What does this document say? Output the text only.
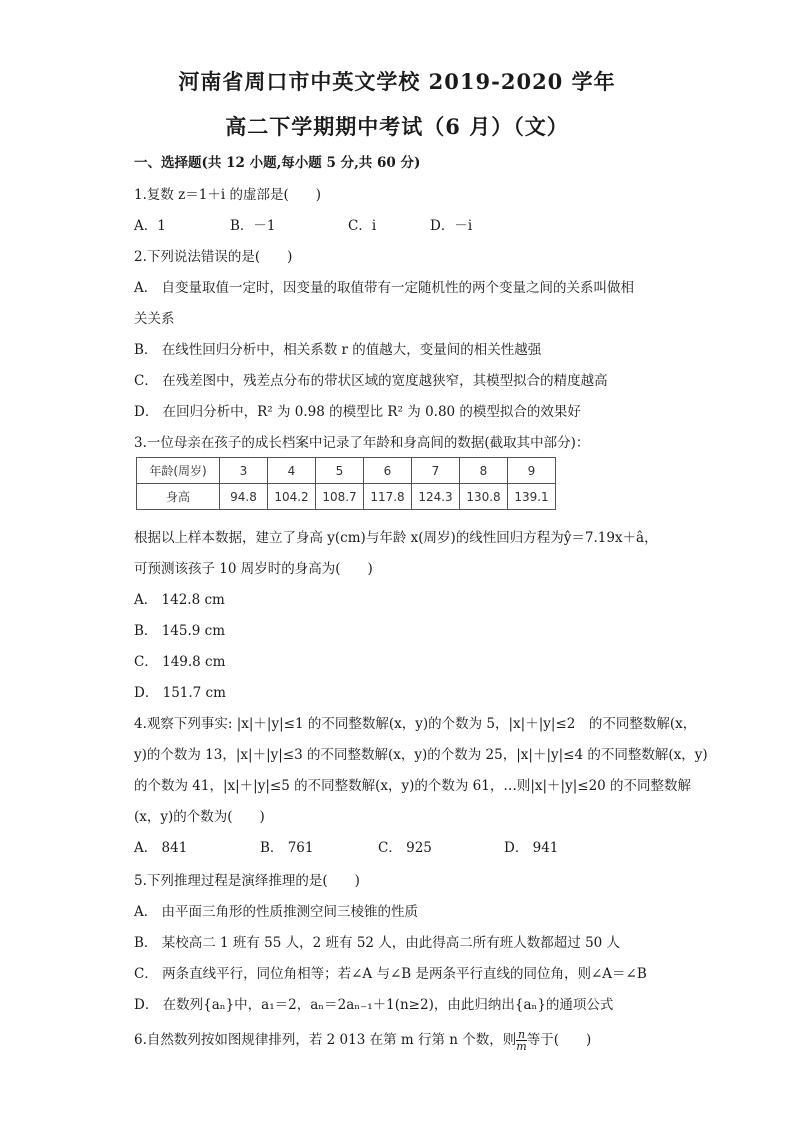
河南省周口市中英文学校 2019-2020 学年
高二下学期期中考试（6 月）（文）
一、选择题(共 12 小题,每小题 5 分,共 60 分)
1.复数 z＝1＋i 的虚部是(　　)
A．1	B．－1	C．i	D．－i
2.下列说法错误的是(　　)
A． 自变量取值一定时，因变量的取值带有一定随机性的两个变量之间的关系叫做相
关关系
B． 在线性回归分析中，相关系数 r 的值越大，变量间的相关性越强
C． 在残差图中，残差点分布的带状区域的宽度越狭窄，其模型拟合的精度越高
D． 在回归分析中，R² 为 0.98 的模型比 R² 为 0.80 的模型拟合的效果好
3.一位母亲在孩子的成长档案中记录了年龄和身高间的数据(截取其中部分)：
年龄(周岁)	3	4	5	6	7	8	9
身高	94.8	104.2	108.7	117.8	124.3	130.8	139.1
根据以上样本数据，建立了身高 y(cm)与年龄 x(周岁)的线性回归方程为ŷ＝7.19x＋â，
可预测该孩子 10 周岁时的身高为(　　)
A． 142.8 cm
B． 145.9 cm
C． 149.8 cm
D． 151.7 cm
4.观察下列事实: |x|＋|y|≤1 的不同整数解(x，y)的个数为 5，|x|＋|y|≤2　的不同整数解(x，
y)的个数为 13，|x|＋|y|≤3 的不同整数解(x，y)的个数为 25，|x|＋|y|≤4 的不同整数解(x，y)
的个数为 41，|x|＋|y|≤5 的不同整数解(x，y)的个数为 61，…则|x|＋|y|≤20 的不同整数解
(x，y)的个数为(　　)
A． 841	B． 761	C． 925	D． 941
5.下列推理过程是演绎推理的是(　　)
A． 由平面三角形的性质推测空间三棱锥的性质
B． 某校高二 1 班有 55 人，2 班有 52 人，由此得高二所有班人数都超过 50 人
C． 两条直线平行，同位角相等；若∠A 与∠B 是两条平行直线的同位角，则∠A＝∠B
D． 在数列{aₙ}中，a₁＝2，aₙ＝2aₙ₋₁＋1(n≥2)，由此归纳出{aₙ}的通项公式
6.自然数列按如图规律排列，若 2 013 在第 m 行第 n 个数，则 $\frac{n}{m}$ 等于(　　)
